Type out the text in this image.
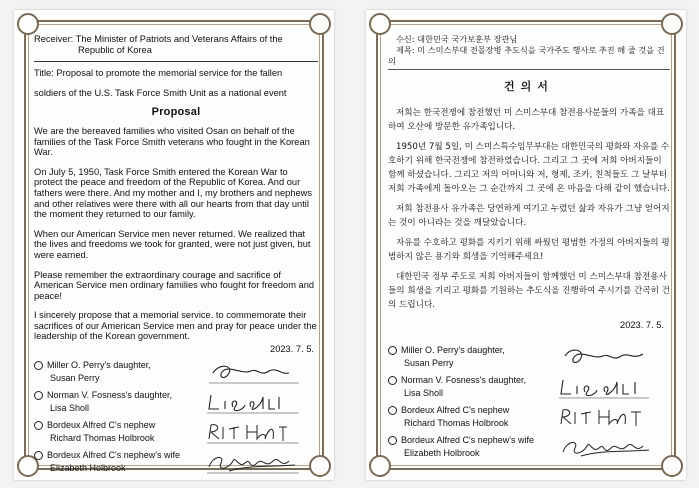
Receiver: The Minister of Patriots and Veterans Affairs of the

Republic of Korea

Title: Proposal to promote the memorial service for the fallen

soldiers of the U.S. Task Force Smith Unit as a national event

Proposal

We are the bereaved families who visited Osan on behalf of the families of the Task Force Smith veterans who fought in the Korean War.

On July 5, 1950, Task Force Smith entered the Korean War to protect the peace and freedom of the Republic of Korea. And our fathers were there. And my mother and I, my brothers and nephews and other relatives were there with all our hearts from that day until the moment they returned to our family.

When our American Service men never returned. We realized that the lives and freedoms we took for granted, were not just given, but were earned.

Please remember the extraordinary courage and sacrifice of American Service men ordinary families who fought for freedom and peace!

I sincerely propose that a memorial service. to commemorate their sacrifices of our American Service men and pray for peace under the leadership of the Korean government.

2023. 7. 5.
Miller O. Perry's daughter,
Susan Perry
Norman V. Fosness's daughter,
Lisa Sholl
Bordeux Alfred C's nephew
Richard Thomas Holbrook
Bordeux Alfred C's nephew's wife
Elizabeth Holbrook

수신: 대한민국 국가보훈부 장관님

제목: 미 스미스부대 전몰장병 추도식을 국가주도 행사로 추진 해 줄 것을 건의

건의서

저희는 한국전쟁에 참전했던 미 스미스부대 참전용사분들의 가족을 대표하여 오산에 방문한 유가족입니다.

1950년 7월 5일, 미 스미스특수임무부대는 대한민국의 평화와 자유를 수호하기 위해 한국전쟁에 참전하였습니다. 그리고 그 곳에 저희 아버지들이 함께 하셨습니다. 그리고 저의 어머니와 저, 형제, 조카, 친척들도 그 날부터 저희 가족에게 돌아오는 그 순간까지 그 곳에 온 마음을 다해 같이 했습니다.

저희 참전용사 유가족은 당연하게 여기고 누렸던 삶과 자유가 그냥 얻어지는 것이 아니라는 것을 깨달았습니다.

자유를 수호하고 평화를 지키기 위해 싸웠던 평범한 가정의 아버지들의 평범하지 않은 용기와 희생을 기억해주세요!

대한민국 정부 주도로 저희 아버지들이 함께했던 미 스미스부대 참전용사들의 희생을 기리고 평화를 기원하는 추도식을 진행하여 주시기를 간곡히 건의 드립니다.

2023. 7. 5.
Miller O. Perry's daughter,
Susan Perry
Norman V. Fosness's daughter,
Lisa Sholl
Bordeux Alfred C's nephew
Richard Thomas Holbrook
Bordeux Alfred C's nephew's wife
Elizabeth Holbrook
